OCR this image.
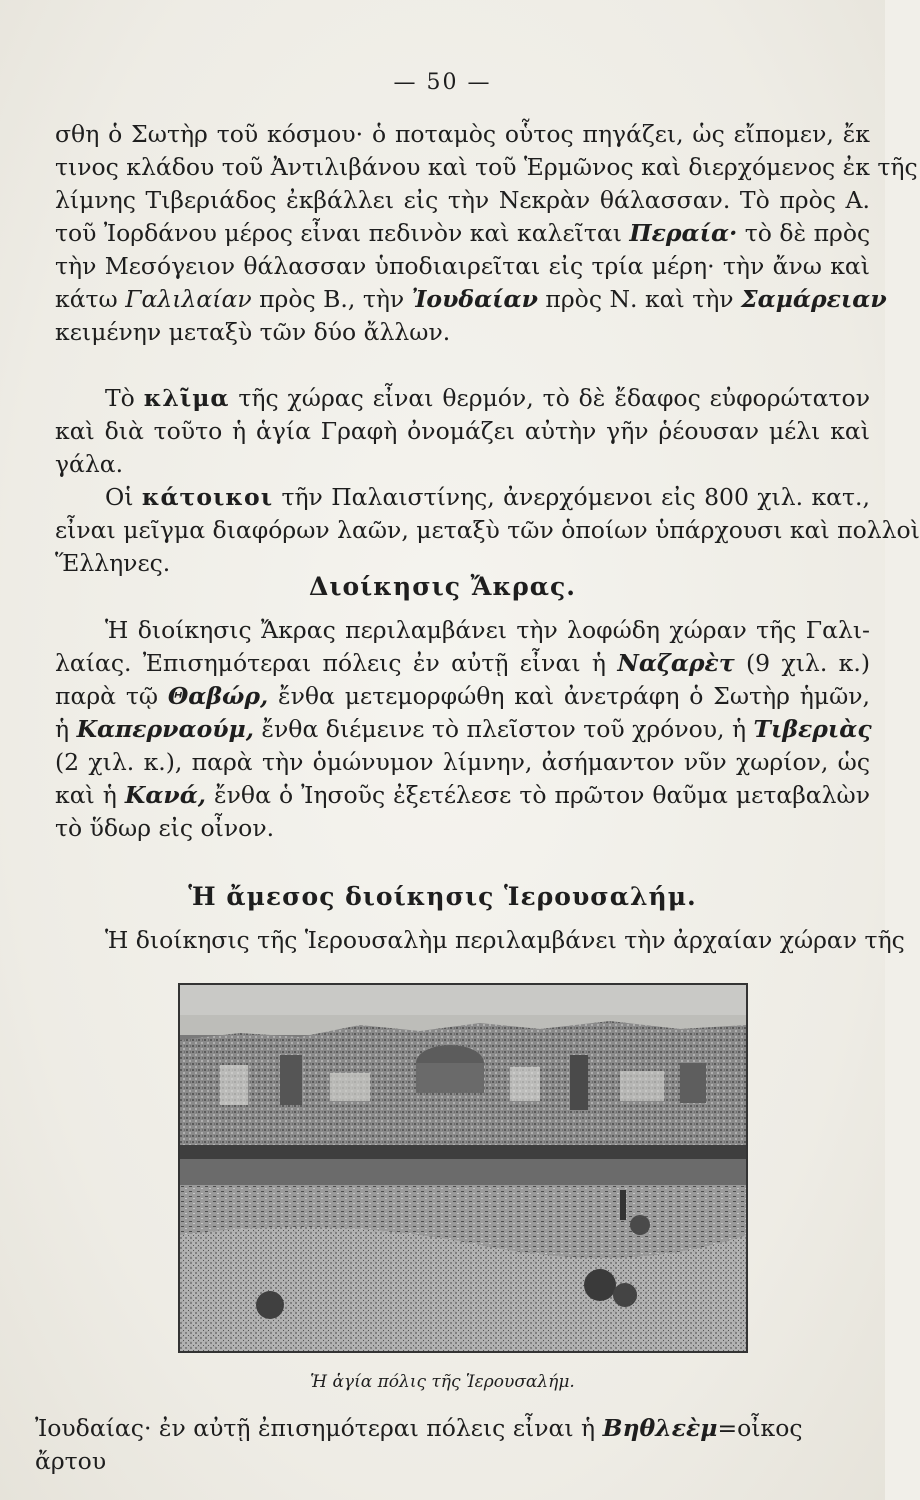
— 50 —
σθη ὁ Σωτὴρ τοῦ κόσμου· ὁ ποταμὸς οὗτος πηγάζει, ὡς εἴπομεν, ἔκ
τινος κλάδου τοῦ Ἀντιλιβάνου καὶ τοῦ Ἑρμῶνος καὶ διερχόμενος ἐκ τῆς
λίμνης Τιβεριάδος ἐκβάλλει εἰς τὴν Νεκρὰν θάλασσαν. Τὸ πρὸς Α.
τοῦ Ἰορδάνου μέρος εἶναι πεδινὸν καὶ καλεῖται Περαία· τὸ δὲ πρὸς
τὴν Μεσόγειον θάλασσαν ὑποδιαιρεῖται εἰς τρία μέρη· τὴν ἄνω καὶ
κάτω Γαλιλαίαν πρὸς Β., τὴν Ἰουδαίαν πρὸς Ν. καὶ τὴν Σαμάρειαν
κειμένην μεταξὺ τῶν δύο ἄλλων.
Τὸ κλῖμα τῆς χώρας εἶναι θερμόν, τὸ δὲ ἔδαφος εὐφορώτατον
καὶ διὰ τοῦτο ἡ ἁγία Γραφὴ ὀνομάζει αὐτὴν γῆν ῥέουσαν μέλι καὶ
γάλα.
Οἱ κάτοικοι τῆν Παλαιστίνης, ἀνερχόμενοι εἰς 800 χιλ. κατ.,
εἶναι μεῖγμα διαφόρων λαῶν, μεταξὺ τῶν ὁποίων ὑπάρχουσι καὶ πολλοὶ
Ἕλληνες.
Διοίκησις Ἄκρας.
Ἡ διοίκησις Ἄκρας περιλαμβάνει τὴν λοφώδη χώραν τῆς Γαλι-
λαίας. Ἐπισημότεραι πόλεις ἐν αὐτῇ εἶναι ἡ Ναζαρὲτ (9 χιλ. κ.)
παρὰ τῷ Θαβώρ, ἔνθα μετεμορφώθη καὶ ἀνετράφη ὁ Σωτὴρ ἡμῶν,
ἡ Καπερναούμ, ἔνθα διέμεινε τὸ πλεῖστον τοῦ χρόνου, ἡ Τιβεριὰς
(2 χιλ. κ.), παρὰ τὴν ὁμώνυμον λίμνην, ἀσήμαντον νῦν χωρίον, ὡς
καὶ ἡ Κανά, ἔνθα ὁ Ἰησοῦς ἐξετέλεσε τὸ πρῶτον θαῦμα μεταβαλὼν
τὸ ὕδωρ εἰς οἶνον.
Ἡ ἄμεσος διοίκησις Ἱερουσαλήμ.
Ἡ διοίκησις τῆς Ἱερουσαλὴμ περιλαμβάνει τὴν ἀρχαίαν χώραν τῆς
Ἡ ἁγία πόλις τῆς Ἱερουσαλήμ.
Ἰουδαίας· ἐν αὐτῇ ἐπισημότεραι πόλεις εἶναι ἡ Βηθλεὲμ=οἶκος ἄρτου
